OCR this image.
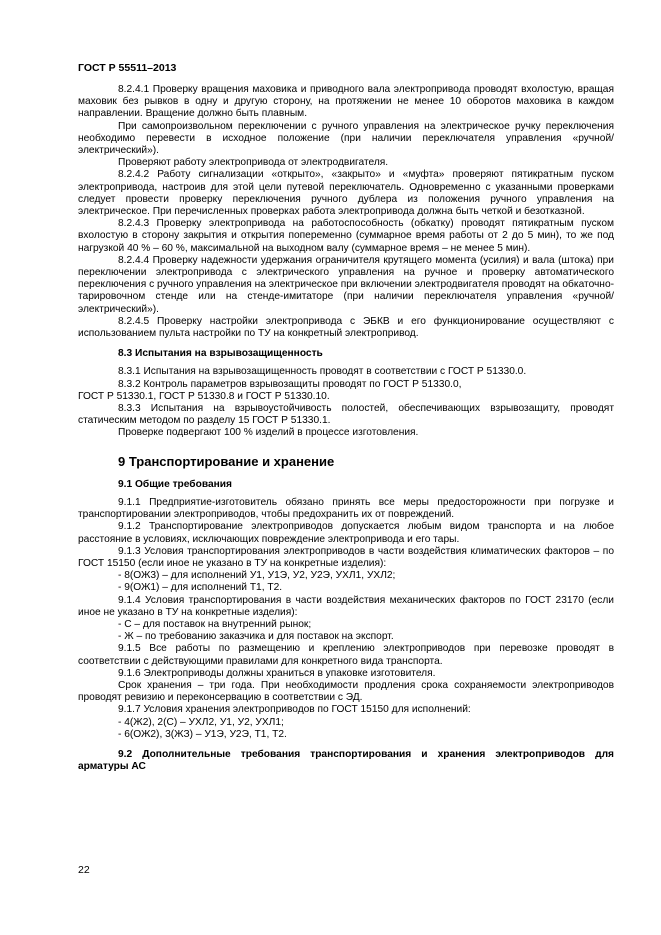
ГОСТ Р 55511–2013

8.2.4.1 Проверку вращения маховика и приводного вала электропривода проводят вхолостую, вращая маховик без рывков в одну и другую сторону, на протяжении не менее 10 оборотов маховика в каждом направлении. Вращение должно быть плавным.

При самопроизвольном переключении с ручного управления на электрическое ручку переключения необходимо перевести в исходное положение (при наличии переключателя управления «ручной/электрический»).

Проверяют работу электропривода от электродвигателя.

8.2.4.2 Работу сигнализации «открыто», «закрыто» и «муфта» проверяют пятикратным пуском электропривода, настроив для этой цели путевой переключатель. Одновременно с указанными проверками следует провести проверку переключения ручного дублера из положения ручного управления на электрическое. При перечисленных проверках работа электропривода должна быть четкой и безотказной.

8.2.4.3 Проверку электропривода на работоспособность (обкатку) проводят пятикратным пуском вхолостую в сторону закрытия и открытия попеременно (суммарное время работы от 2 до 5 мин), то же под нагрузкой 40 % – 60 %, максимальной на выходном валу (суммарное время – не менее 5 мин).

8.2.4.4 Проверку надежности удержания ограничителя крутящего момента (усилия) и вала (штока) при переключении электропривода с электрического управления на ручное и проверку автоматического переключения с ручного управления на электрическое при включении электродвигателя проводят на обкаточно-тарировочном стенде или на стенде-имитаторе (при наличии переключателя управления «ручной/электрический»).

8.2.4.5 Проверку настройки электропривода с ЭБКВ и его функционирование осуществляют с использованием пульта настройки по ТУ на конкретный электропривод.

8.3 Испытания на взрывозащищенность

8.3.1 Испытания на взрывозащищенность проводят в соответствии с ГОСТ Р 51330.0.

8.3.2 Контроль параметров взрывозащиты проводят по ГОСТ Р 51330.0,

ГОСТ Р 51330.1, ГОСТ Р 51330.8 и ГОСТ Р 51330.10.

8.3.3 Испытания на взрывоустойчивость полостей, обеспечивающих взрывозащиту, проводят статическим методом по разделу 15 ГОСТ Р 51330.1.

Проверке подвергают 100 % изделий в процессе изготовления.

9 Транспортирование и хранение

9.1 Общие требования

9.1.1 Предприятие-изготовитель обязано принять все меры предосторожности при погрузке и транспортировании электроприводов, чтобы предохранить их от повреждений.

9.1.2 Транспортирование электроприводов допускается любым видом транспорта и на любое расстояние в условиях, исключающих повреждение электропривода и его тары.

9.1.3 Условия транспортирования электроприводов в части воздействия климатических факторов – по ГОСТ 15150 (если иное не указано в ТУ на конкретные изделия):

- 8(ОЖ3) – для исполнений У1, У1Э, У2, У2Э, УХЛ1, УХЛ2;

- 9(ОЖ1) – для исполнений Т1, Т2.

9.1.4 Условия транспортирования в части воздействия механических факторов по ГОСТ 23170 (если иное не указано в ТУ на конкретные изделия):

- С – для поставок на внутренний рынок;

- Ж – по требованию заказчика и для поставок на экспорт.

9.1.5 Все работы по размещению и креплению электроприводов при перевозке проводят в соответствии с действующими правилами для конкретного вида транспорта.

9.1.6 Электроприводы должны храниться в упаковке изготовителя.

Срок хранения – три года. При необходимости продления срока сохраняемости электроприводов проводят ревизию и переконсервацию в соответствии с ЭД.

9.1.7 Условия хранения электроприводов по ГОСТ 15150 для исполнений:

- 4(Ж2), 2(С) – УХЛ2, У1, У2, УХЛ1;

- 6(ОЖ2), 3(ЖЗ) – У1Э, У2Э, Т1, Т2.

9.2 Дополнительные требования транспортирования и хранения электроприводов для арматуры АС

22
